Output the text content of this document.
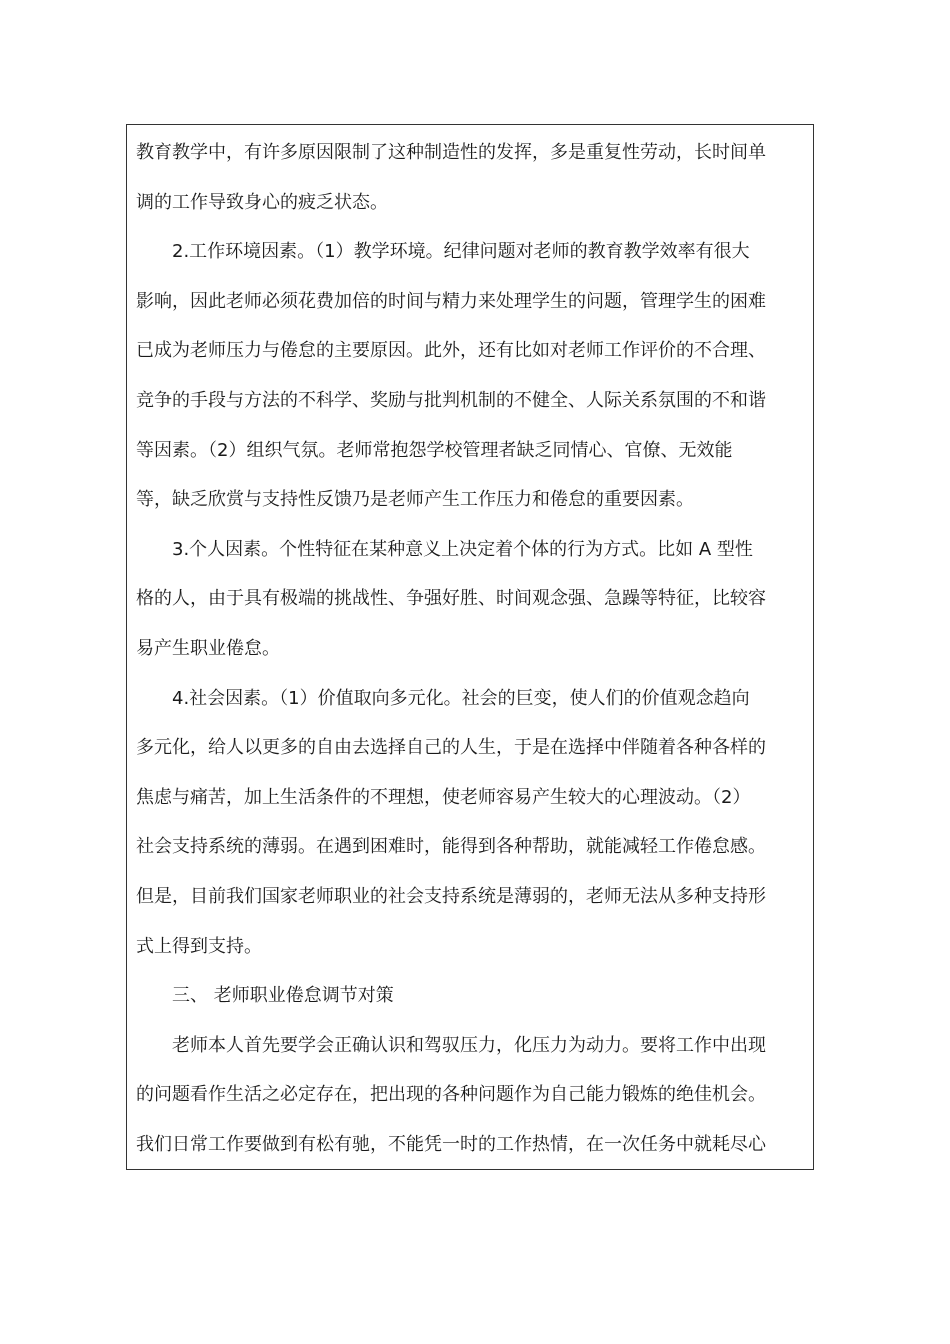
教育教学中，有许多原因限制了这种制造性的发挥，多是重复性劳动，长时间单
调的工作导致身心的疲乏状态。
2.工作环境因素。（1）教学环境。纪律问题对老师的教育教学效率有很大
影响，因此老师必须花费加倍的时间与精力来处理学生的问题，管理学生的困难
已成为老师压力与倦怠的主要原因。此外，还有比如对老师工作评价的不合理、
竞争的手段与方法的不科学、奖励与批判机制的不健全、人际关系氛围的不和谐
等因素。（2）组织气氛。老师常抱怨学校管理者缺乏同情心、官僚、无效能
等，缺乏欣赏与支持性反馈乃是老师产生工作压力和倦怠的重要因素。
3.个人因素。个性特征在某种意义上决定着个体的行为方式。比如 A 型性
格的人，由于具有极端的挑战性、争强好胜、时间观念强、急躁等特征，比较容
易产生职业倦怠。
4.社会因素。（1）价值取向多元化。社会的巨变，使人们的价值观念趋向
多元化，给人以更多的自由去选择自己的人生，于是在选择中伴随着各种各样的
焦虑与痛苦，加上生活条件的不理想，使老师容易产生较大的心理波动。（2）
社会支持系统的薄弱。在遇到困难时，能得到各种帮助，就能减轻工作倦怠感。
但是，目前我们国家老师职业的社会支持系统是薄弱的，老师无法从多种支持形
式上得到支持。
三、 老师职业倦怠调节对策
老师本人首先要学会正确认识和驾驭压力，化压力为动力。要将工作中出现
的问题看作生活之必定存在，把出现的各种问题作为自己能力锻炼的绝佳机会。
我们日常工作要做到有松有驰，不能凭一时的工作热情，在一次任务中就耗尽心
